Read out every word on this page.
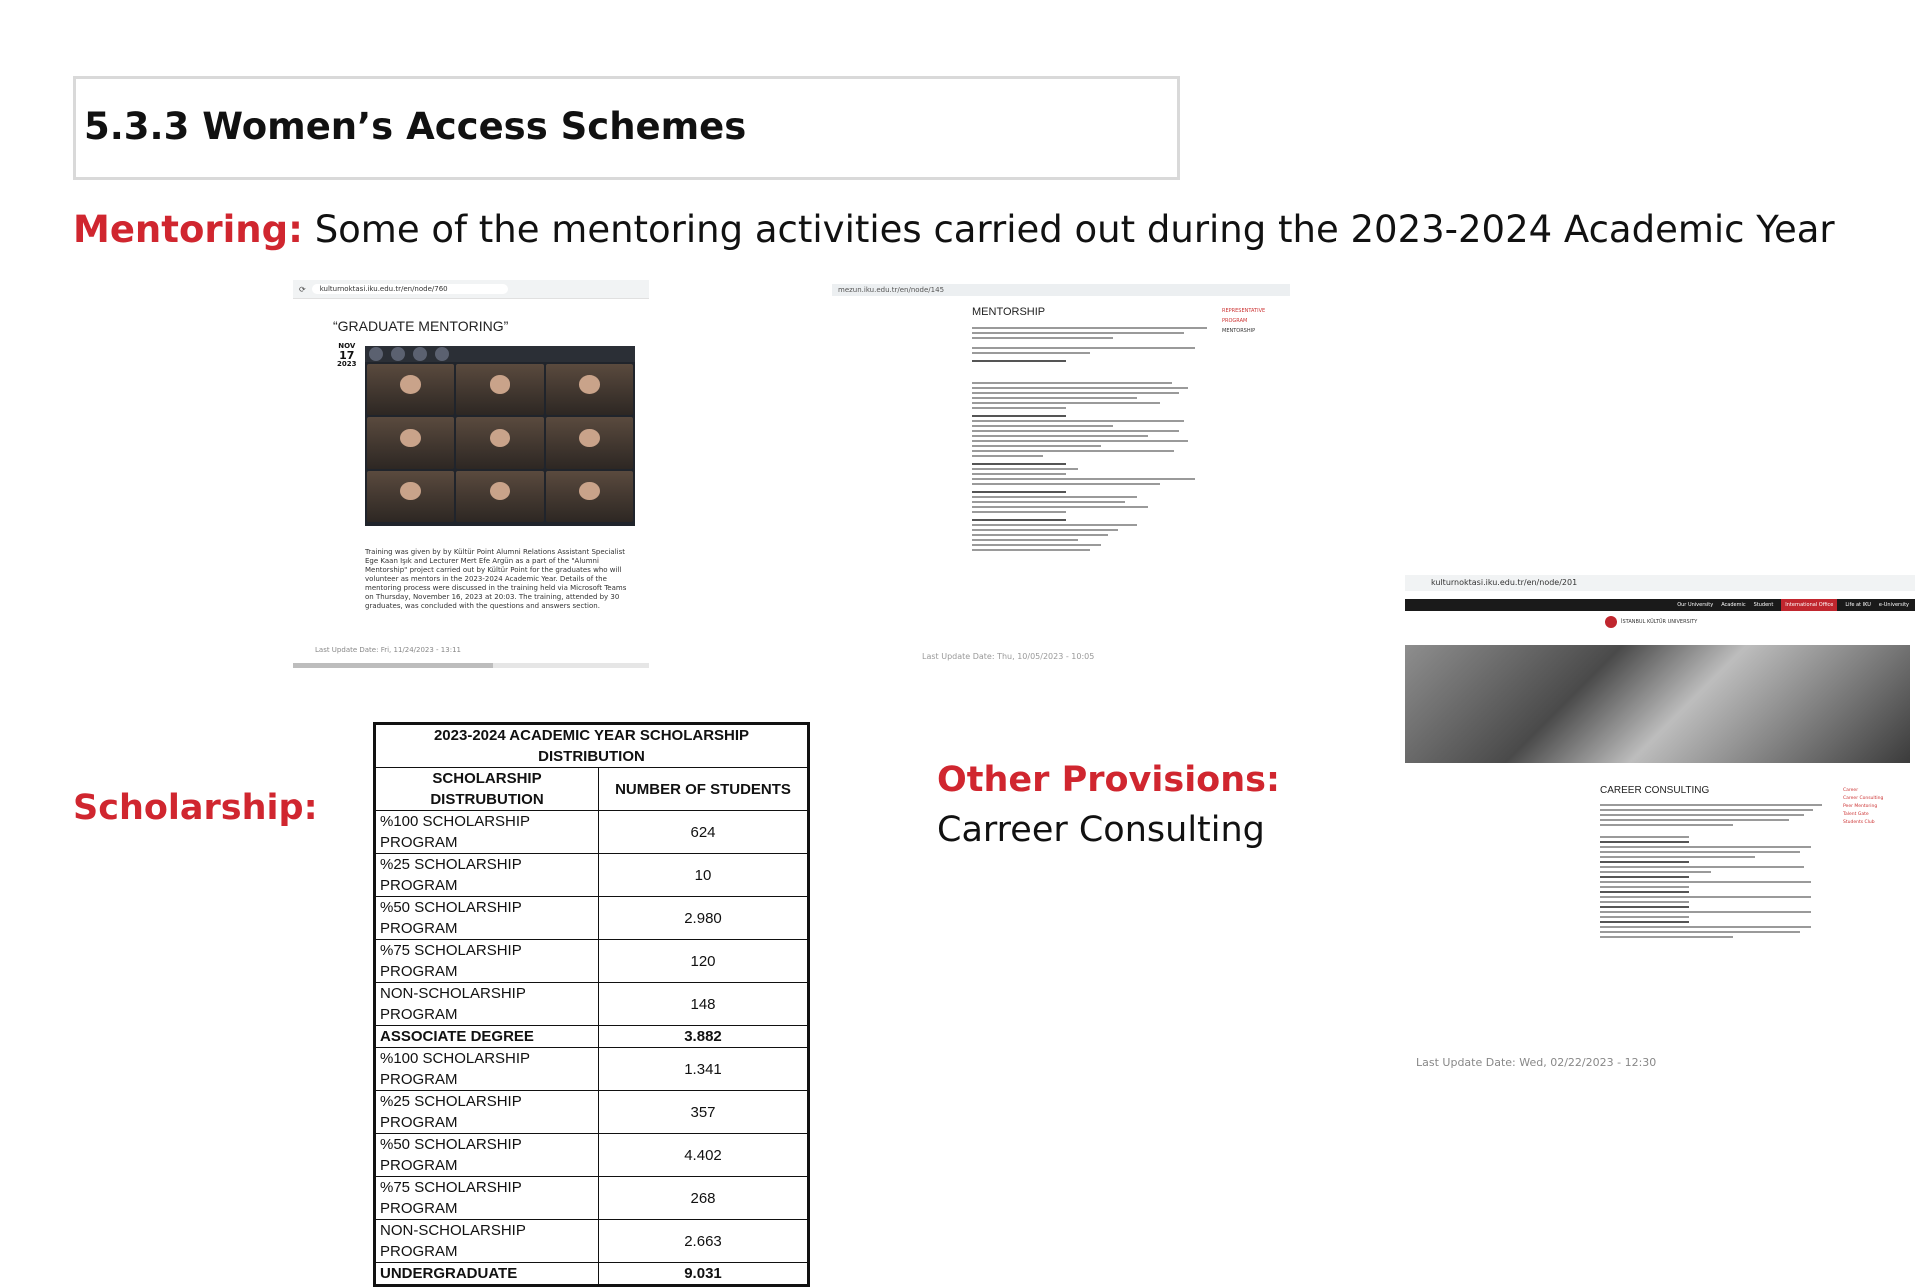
5.3.3 Women’s Access Schemes
Mentoring: Some of the mentoring activities carried out during the 2023-2024 Academic Year
⟳	kulturnoktasi.iku.edu.tr/en/node/760
“GRADUATE MENTORING”
NOV
17
2023
Training was given by by Kültür Point Alumni Relations Assistant Specialist Ege Kaan Işık and Lecturer Mert Efe Argün as a part of the "Alumni Mentorship" project carried out by Kültür Point for the graduates who will volunteer as mentors in the 2023-2024 Academic Year. Details of the mentoring process were discussed in the training held via Microsoft Teams on Thursday, November 16, 2023 at 20:03. The training, attended by 30 graduates, was concluded with the questions and answers section.
Last Update Date: Fri, 11/24/2023 - 13:11
mezun.iku.edu.tr/en/node/145
MENTORSHIP	REPRESENTATIVE PROGRAM
MENTORSHIP
Last Update Date: Thu, 10/05/2023 - 10:05
kulturnoktasi.iku.edu.tr/en/node/201
Our University Academic Student	International Office	Life at IKU e-University
İSTANBUL KÜLTÜR UNIVERSITY
CAREER CONSULTING	Career
Career Consulting
Peer Mentoring
Talent Gate
Students Club
Last Update Date: Wed, 02/22/2023 - 12:30
Scholarship:
2023-2024 ACADEMIC YEAR SCHOLARSHIP DISTRIBUTION	
SCHOLARSHIP DISTRUBUTION	NUMBER OF STUDENTS
%100 SCHOLARSHIP PROGRAM	624
%25 SCHOLARSHIP PROGRAM	10
%50 SCHOLARSHIP PROGRAM	2.980
%75 SCHOLARSHIP PROGRAM	120
NON-SCHOLARSHIP PROGRAM	148
ASSOCIATE DEGREE	3.882
%100 SCHOLARSHIP PROGRAM	1.341
%25 SCHOLARSHIP PROGRAM	357
%50 SCHOLARSHIP PROGRAM	4.402
%75 SCHOLARSHIP PROGRAM	268
NON-SCHOLARSHIP PROGRAM	2.663
UNDERGRADUATE	9.031
Other Provisions:
Carreer Consulting
